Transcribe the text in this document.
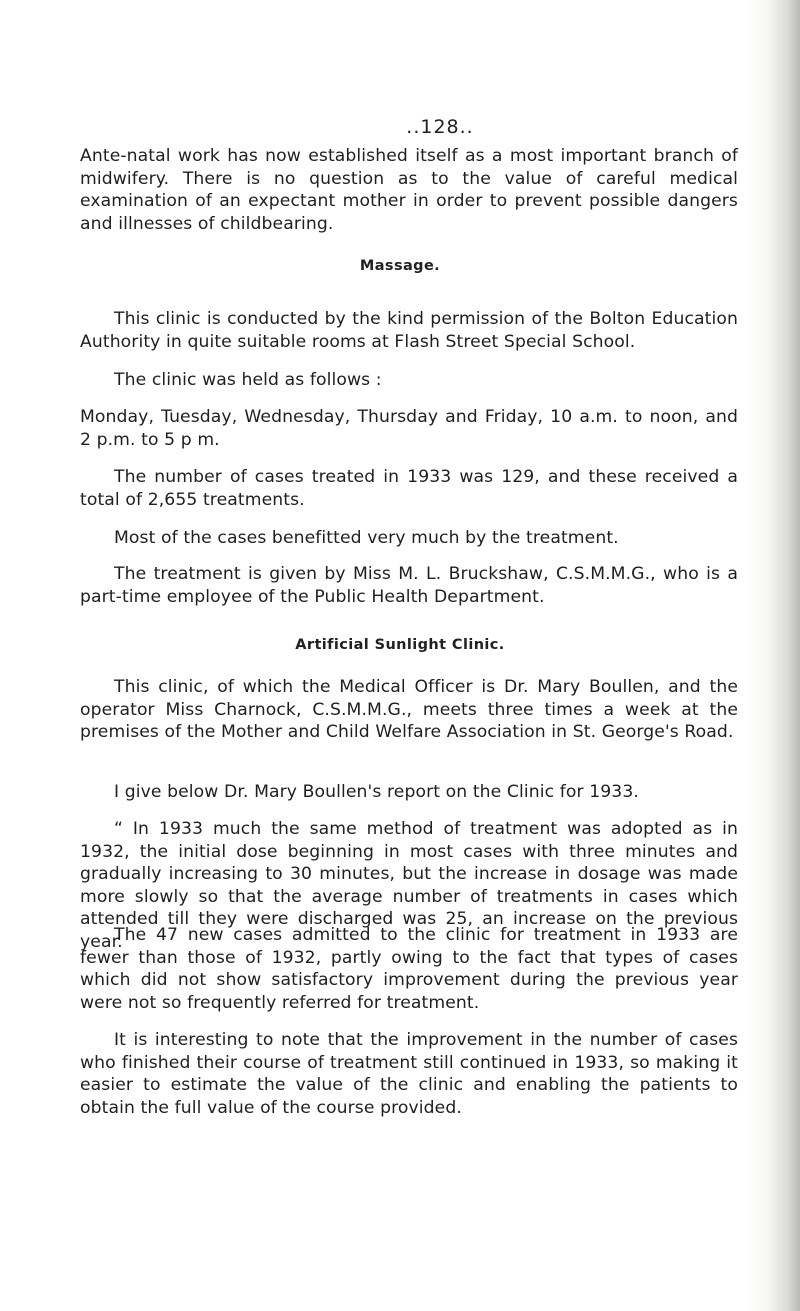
..128..

Ante-natal work has now established itself as a most important branch of midwifery. There is no question as to the value of careful medical examination of an expectant mother in order to prevent possible dangers and illnesses of childbearing.

Massage.

This clinic is conducted by the kind permission of the Bolton Education Authority in quite suitable rooms at Flash Street Special School.

The clinic was held as follows :

Monday, Tuesday, Wednesday, Thursday and Friday, 10 a.m. to noon, and 2 p.m. to 5 p m.

The number of cases treated in 1933 was 129, and these received a total of 2,655 treatments.

Most of the cases benefitted very much by the treatment.

The treatment is given by Miss M. L. Bruckshaw, C.S.M.M.G., who is a part-time employee of the Public Health Department.

Artificial Sunlight Clinic.

This clinic, of which the Medical Officer is Dr. Mary Boullen, and the operator Miss Charnock, C.S.M.M.G., meets three times a week at the premises of the Mother and Child Welfare Association in St. George's Road.

I give below Dr. Mary Boullen's report on the Clinic for 1933.

“ In 1933 much the same method of treatment was adopted as in 1932, the initial dose beginning in most cases with three minutes and gradually increasing to 30 minutes, but the increase in dosage was made more slowly so that the average number of treatments in cases which attended till they were discharged was 25, an increase on the previous year.

The 47 new cases admitted to the clinic for treatment in 1933 are fewer than those of 1932, partly owing to the fact that types of cases which did not show satisfactory improvement during the previous year were not so frequently referred for treatment.

It is interesting to note that the improvement in the number of cases who finished their course of treatment still continued in 1933, so making it easier to estimate the value of the clinic and enabling the patients to obtain the full value of the course provided.
